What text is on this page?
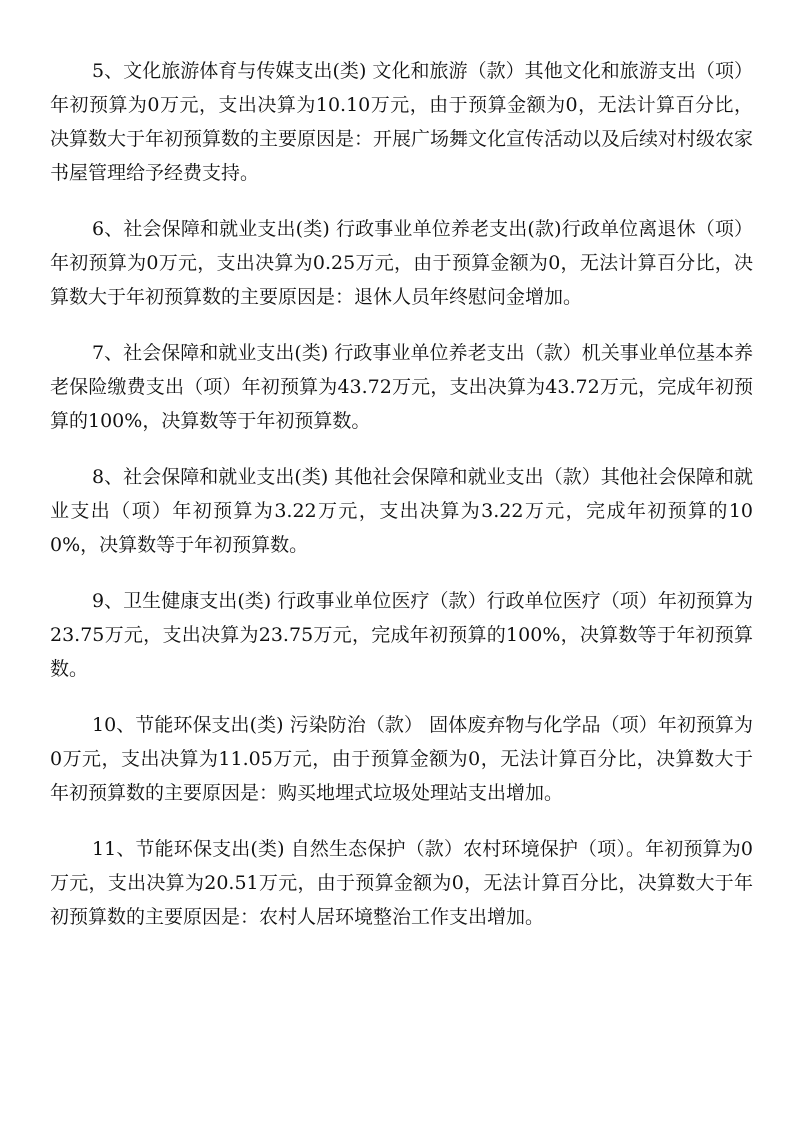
5、文化旅游体育与传媒支出(类) 文化和旅游（款）其他文化和旅游支出（项）年初预算为0万元，支出决算为10.10万元，由于预算金额为0，无法计算百分比，决算数大于年初预算数的主要原因是：开展广场舞文化宣传活动以及后续对村级农家书屋管理给予经费支持。

6、社会保障和就业支出(类) 行政事业单位养老支出(款)行政单位离退休（项）年初预算为0万元，支出决算为0.25万元，由于预算金额为0，无法计算百分比，决算数大于年初预算数的主要原因是：退休人员年终慰问金增加。

7、社会保障和就业支出(类) 行政事业单位养老支出（款）机关事业单位基本养老保险缴费支出（项）年初预算为43.72万元，支出决算为43.72万元，完成年初预算的100%，决算数等于年初预算数。

8、社会保障和就业支出(类) 其他社会保障和就业支出（款）其他社会保障和就业支出（项）年初预算为3.22万元，支出决算为3.22万元，完成年初预算的100%，决算数等于年初预算数。

9、卫生健康支出(类) 行政事业单位医疗（款）行政单位医疗（项）年初预算为23.75万元，支出决算为23.75万元，完成年初预算的100%，决算数等于年初预算数。

10、节能环保支出(类) 污染防治（款） 固体废弃物与化学品（项）年初预算为0万元，支出决算为11.05万元，由于预算金额为0，无法计算百分比，决算数大于年初预算数的主要原因是：购买地埋式垃圾处理站支出增加。

11、节能环保支出(类) 自然生态保护（款）农村环境保护（项）。年初预算为0万元，支出决算为20.51万元，由于预算金额为0，无法计算百分比，决算数大于年初预算数的主要原因是：农村人居环境整治工作支出增加。
